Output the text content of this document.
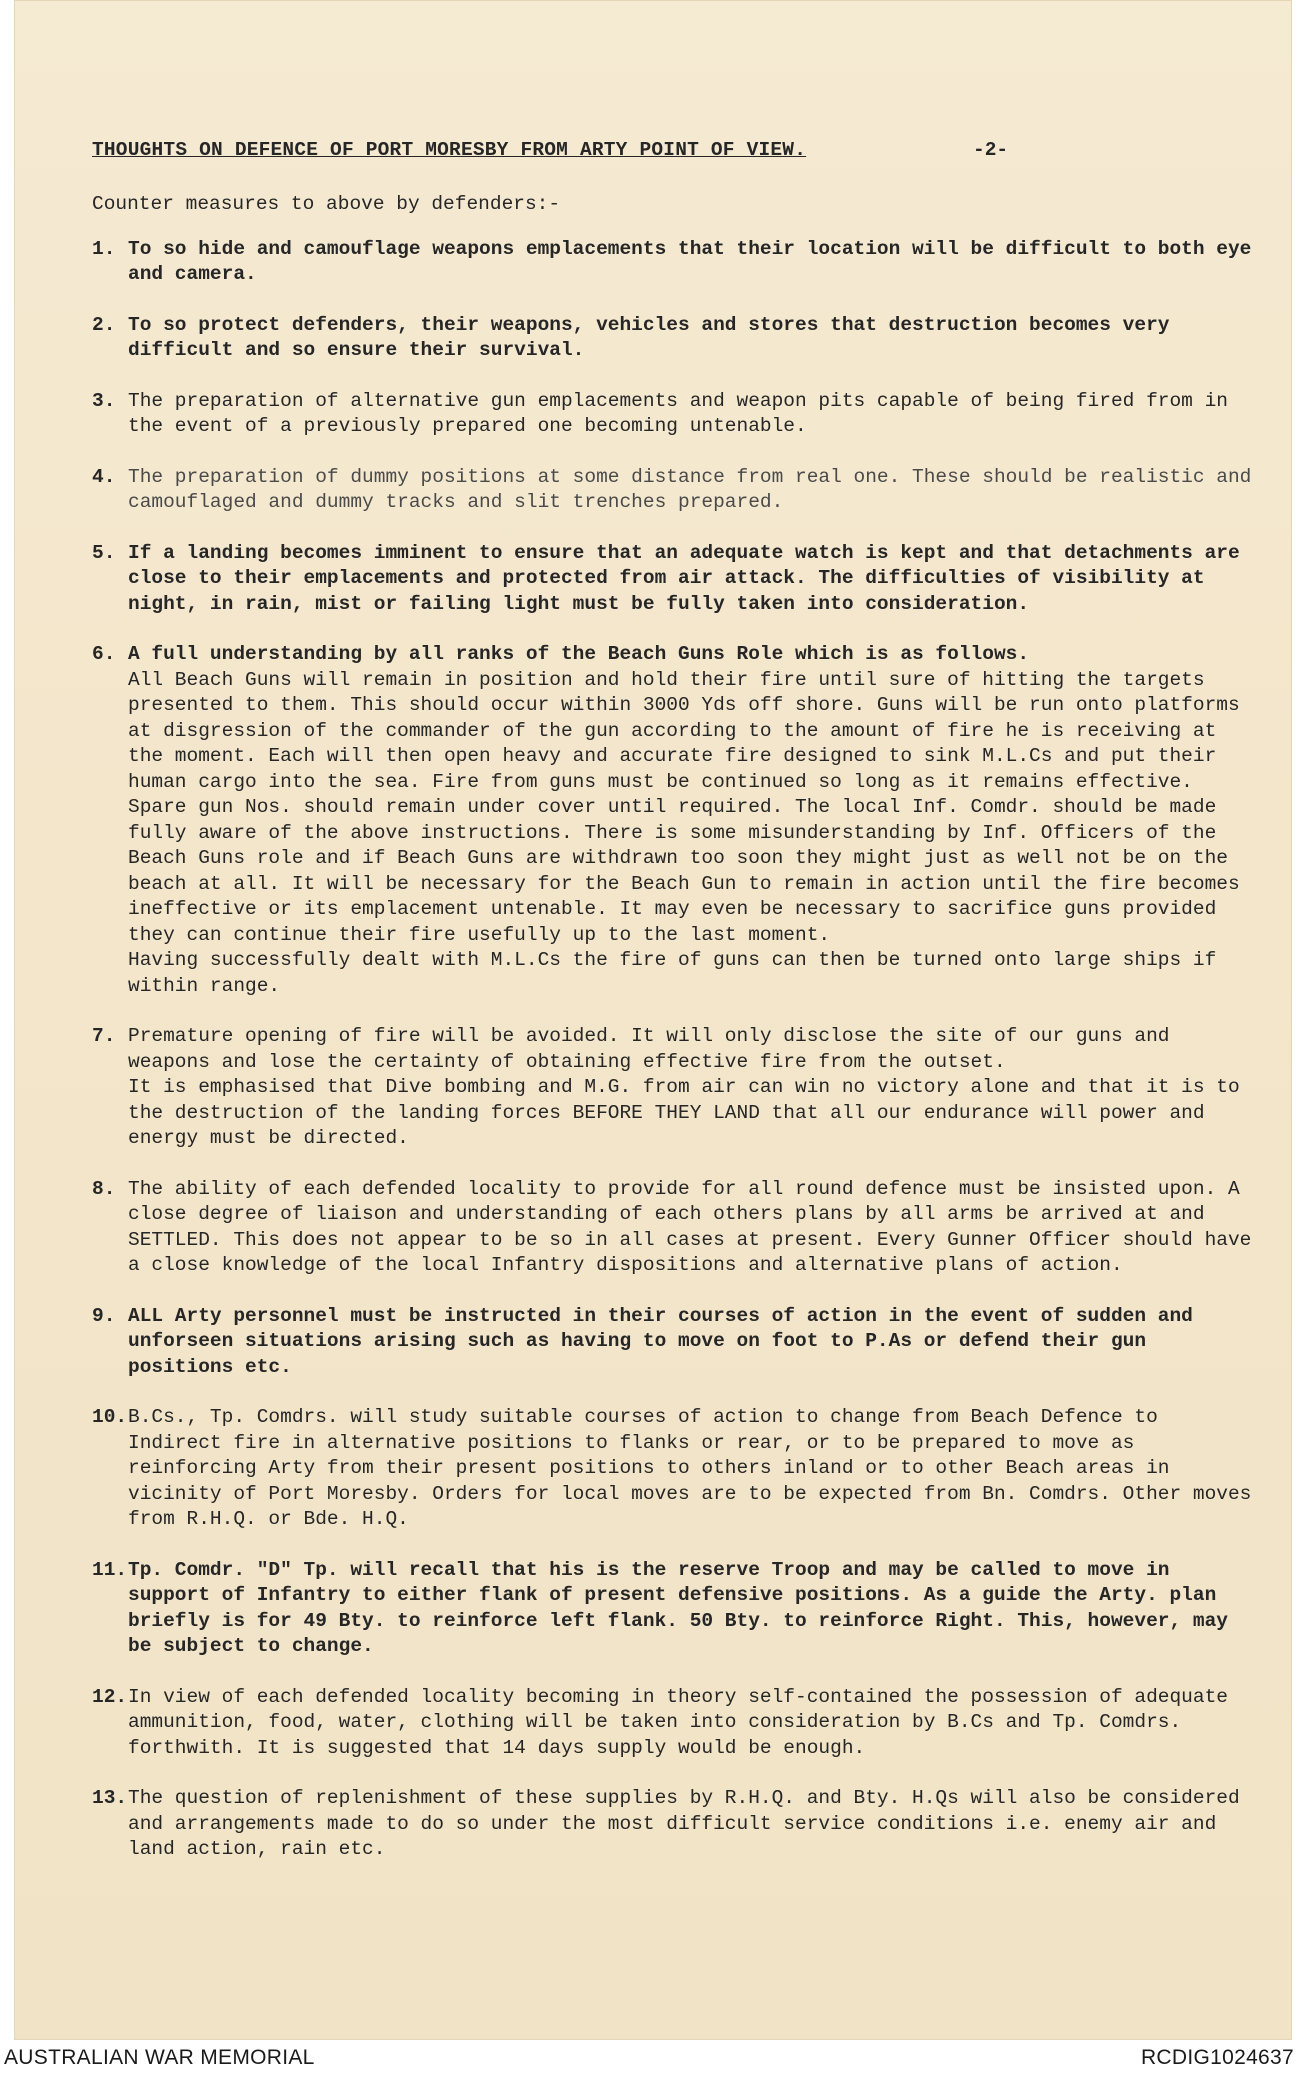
THOUGHTS ON DEFENCE OF PORT MORESBY FROM ARTY POINT OF VIEW.	-2-
Counter measures to above by defenders:-
1. To so hide and camouflage weapons emplacements that their location will be difficult to both eye and camera.
2. To so protect defenders, their weapons, vehicles and stores that destruction becomes very difficult and so ensure their survival.
3. The preparation of alternative gun emplacements and weapon pits capable of being fired from in the event of a previously prepared one becoming untenable.
4. The preparation of dummy positions at some distance from real one. These should be realistic and camouflaged and dummy tracks and slit trenches prepared.
5. If a landing becomes imminent to ensure that an adequate watch is kept and that detachments are close to their emplacements and protected from air attack. The difficulties of visibility at night, in rain, mist or failing light must be fully taken into consideration.
6. A full understanding by all ranks of the Beach Guns Role which is as follows.

All Beach Guns will remain in position and hold their fire until sure of hitting the targets presented to them. This should occur within 3000 Yds off shore. Guns will be run onto platforms at disgression of the commander of the gun according to the amount of fire he is receiving at the moment. Each will then open heavy and accurate fire designed to sink M.L.Cs and put their human cargo into the sea. Fire from guns must be continued so long as it remains effective. Spare gun Nos. should remain under cover until required. The local Inf. Comdr. should be made fully aware of the above instructions. There is some misunderstanding by Inf. Officers of the Beach Guns role and if Beach Guns are withdrawn too soon they might just as well not be on the beach at all. It will be necessary for the Beach Gun to remain in action until the fire becomes ineffective or its emplacement untenable. It may even be necessary to sacrifice guns provided they can continue their fire usefully up to the last moment.

Having successfully dealt with M.L.Cs the fire of guns can then be turned onto large ships if within range.

7. Premature opening of fire will be avoided. It will only disclose the site of our guns and weapons and lose the certainty of obtaining effective fire from the outset.

It is emphasised that Dive bombing and M.G. from air can win no victory alone and that it is to the destruction of the landing forces BEFORE THEY LAND that all our endurance will power and energy must be directed.

8. The ability of each defended locality to provide for all round defence must be insisted upon. A close degree of liaison and understanding of each others plans by all arms be arrived at and SETTLED. This does not appear to be so in all cases at present. Every Gunner Officer should have a close knowledge of the local Infantry dispositions and alternative plans of action.
9. ALL Arty personnel must be instructed in their courses of action in the event of sudden and unforseen situations arising such as having to move on foot to P.As or defend their gun positions etc.
10. B.Cs., Tp. Comdrs. will study suitable courses of action to change from Beach Defence to Indirect fire in alternative positions to flanks or rear, or to be prepared to move as reinforcing Arty from their present positions to others inland or to other Beach areas in vicinity of Port Moresby. Orders for local moves are to be expected from Bn. Comdrs. Other moves from R.H.Q. or Bde. H.Q.
11. Tp. Comdr. "D" Tp. will recall that his is the reserve Troop and may be called to move in support of Infantry to either flank of present defensive positions. As a guide the Arty. plan briefly is for 49 Bty. to reinforce left flank. 50 Bty. to reinforce Right. This, however, may be subject to change.
12. In view of each defended locality becoming in theory self-contained the possession of adequate ammunition, food, water, clothing will be taken into consideration by B.Cs and Tp. Comdrs. forthwith. It is suggested that 14 days supply would be enough.
13. The question of replenishment of these supplies by R.H.Q. and Bty. H.Qs will also be considered and arrangements made to do so under the most difficult service conditions i.e. enemy air and land action, rain etc.
AUSTRALIAN WAR MEMORIAL	RCDIG1024637
